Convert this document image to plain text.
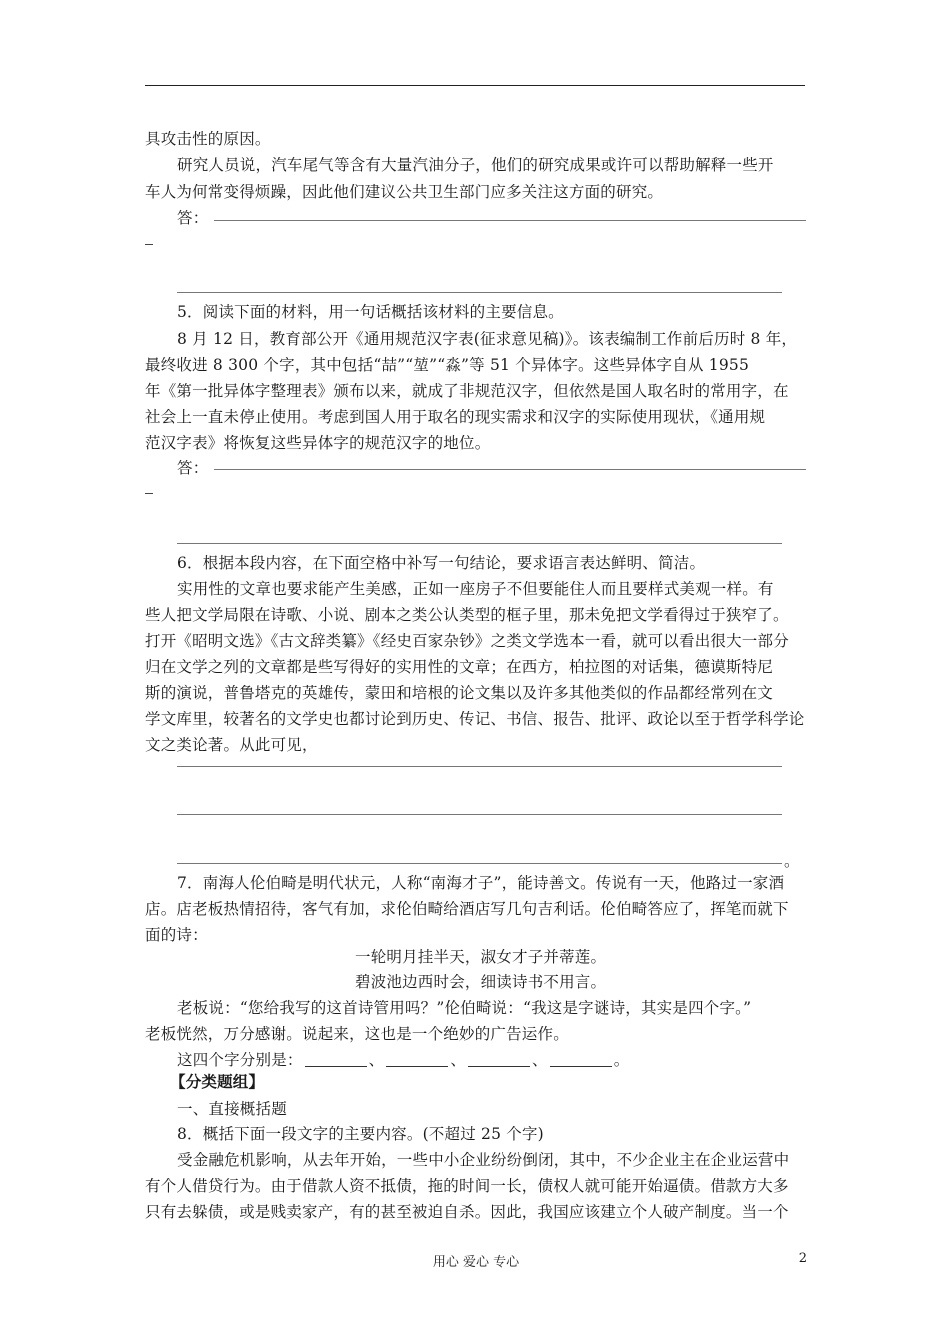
具攻击性的原因。
研究人员说，汽车尾气等含有大量汽油分子，他们的研究成果或许可以帮助解释一些开
车人为何常变得烦躁，因此他们建议公共卫生部门应多关注这方面的研究。
答：
5．阅读下面的材料，用一句话概括该材料的主要信息。
8 月 12 日，教育部公开《通用规范汉字表(征求意见稿)》。该表编制工作前后历时 8 年，
最终收进 8 300 个字，其中包括“喆”“堃”“淼”等 51 个异体字。这些异体字自从 1955
年《第一批异体字整理表》颁布以来，就成了非规范汉字，但依然是国人取名时的常用字，在
社会上一直未停止使用。考虑到国人用于取名的现实需求和汉字的实际使用现状，《通用规
范汉字表》将恢复这些异体字的规范汉字的地位。
答：
6．根据本段内容，在下面空格中补写一句结论，要求语言表达鲜明、简洁。
实用性的文章也要求能产生美感，正如一座房子不但要能住人而且要样式美观一样。有
些人把文学局限在诗歌、小说、剧本之类公认类型的框子里，那未免把文学看得过于狭窄了。
打开《昭明文选》《古文辞类纂》《经史百家杂钞》之类文学选本一看，就可以看出很大一部分
归在文学之列的文章都是些写得好的实用性的文章；在西方，柏拉图的对话集，德谟斯特尼
斯的演说，普鲁塔克的英雄传，蒙田和培根的论文集以及许多其他类似的作品都经常列在文
学文库里，较著名的文学史也都讨论到历史、传记、书信、报告、批评、政论以至于哲学科学论
文之类论著。从此可见，
。
7．南海人伦伯畸是明代状元，人称“南海才子”，能诗善文。传说有一天，他路过一家酒
店。店老板热情招待，客气有加，求伦伯畸给酒店写几句吉利话。伦伯畸答应了，挥笔而就下
面的诗：
一轮明月挂半天，淑女才子并蒂莲。
碧波池边西时会，细读诗书不用言。
老板说：“您给我写的这首诗管用吗？”伦伯畸说：“我这是字谜诗，其实是四个字。”
老板恍然，万分感谢。说起来，这也是一个绝妙的广告运作。
这四个字分别是：	、	、	、	。
【分类题组】
一、直接概括题
8．概括下面一段文字的主要内容。(不超过 25 个字)
受金融危机影响，从去年开始，一些中小企业纷纷倒闭，其中，不少企业主在企业运营中
有个人借贷行为。由于借款人资不抵债，拖的时间一长，债权人就可能开始逼债。借款方大多
只有去躲债，或是贱卖家产，有的甚至被迫自杀。因此，我国应该建立个人破产制度。当一个
用心 爱心 专心	2
